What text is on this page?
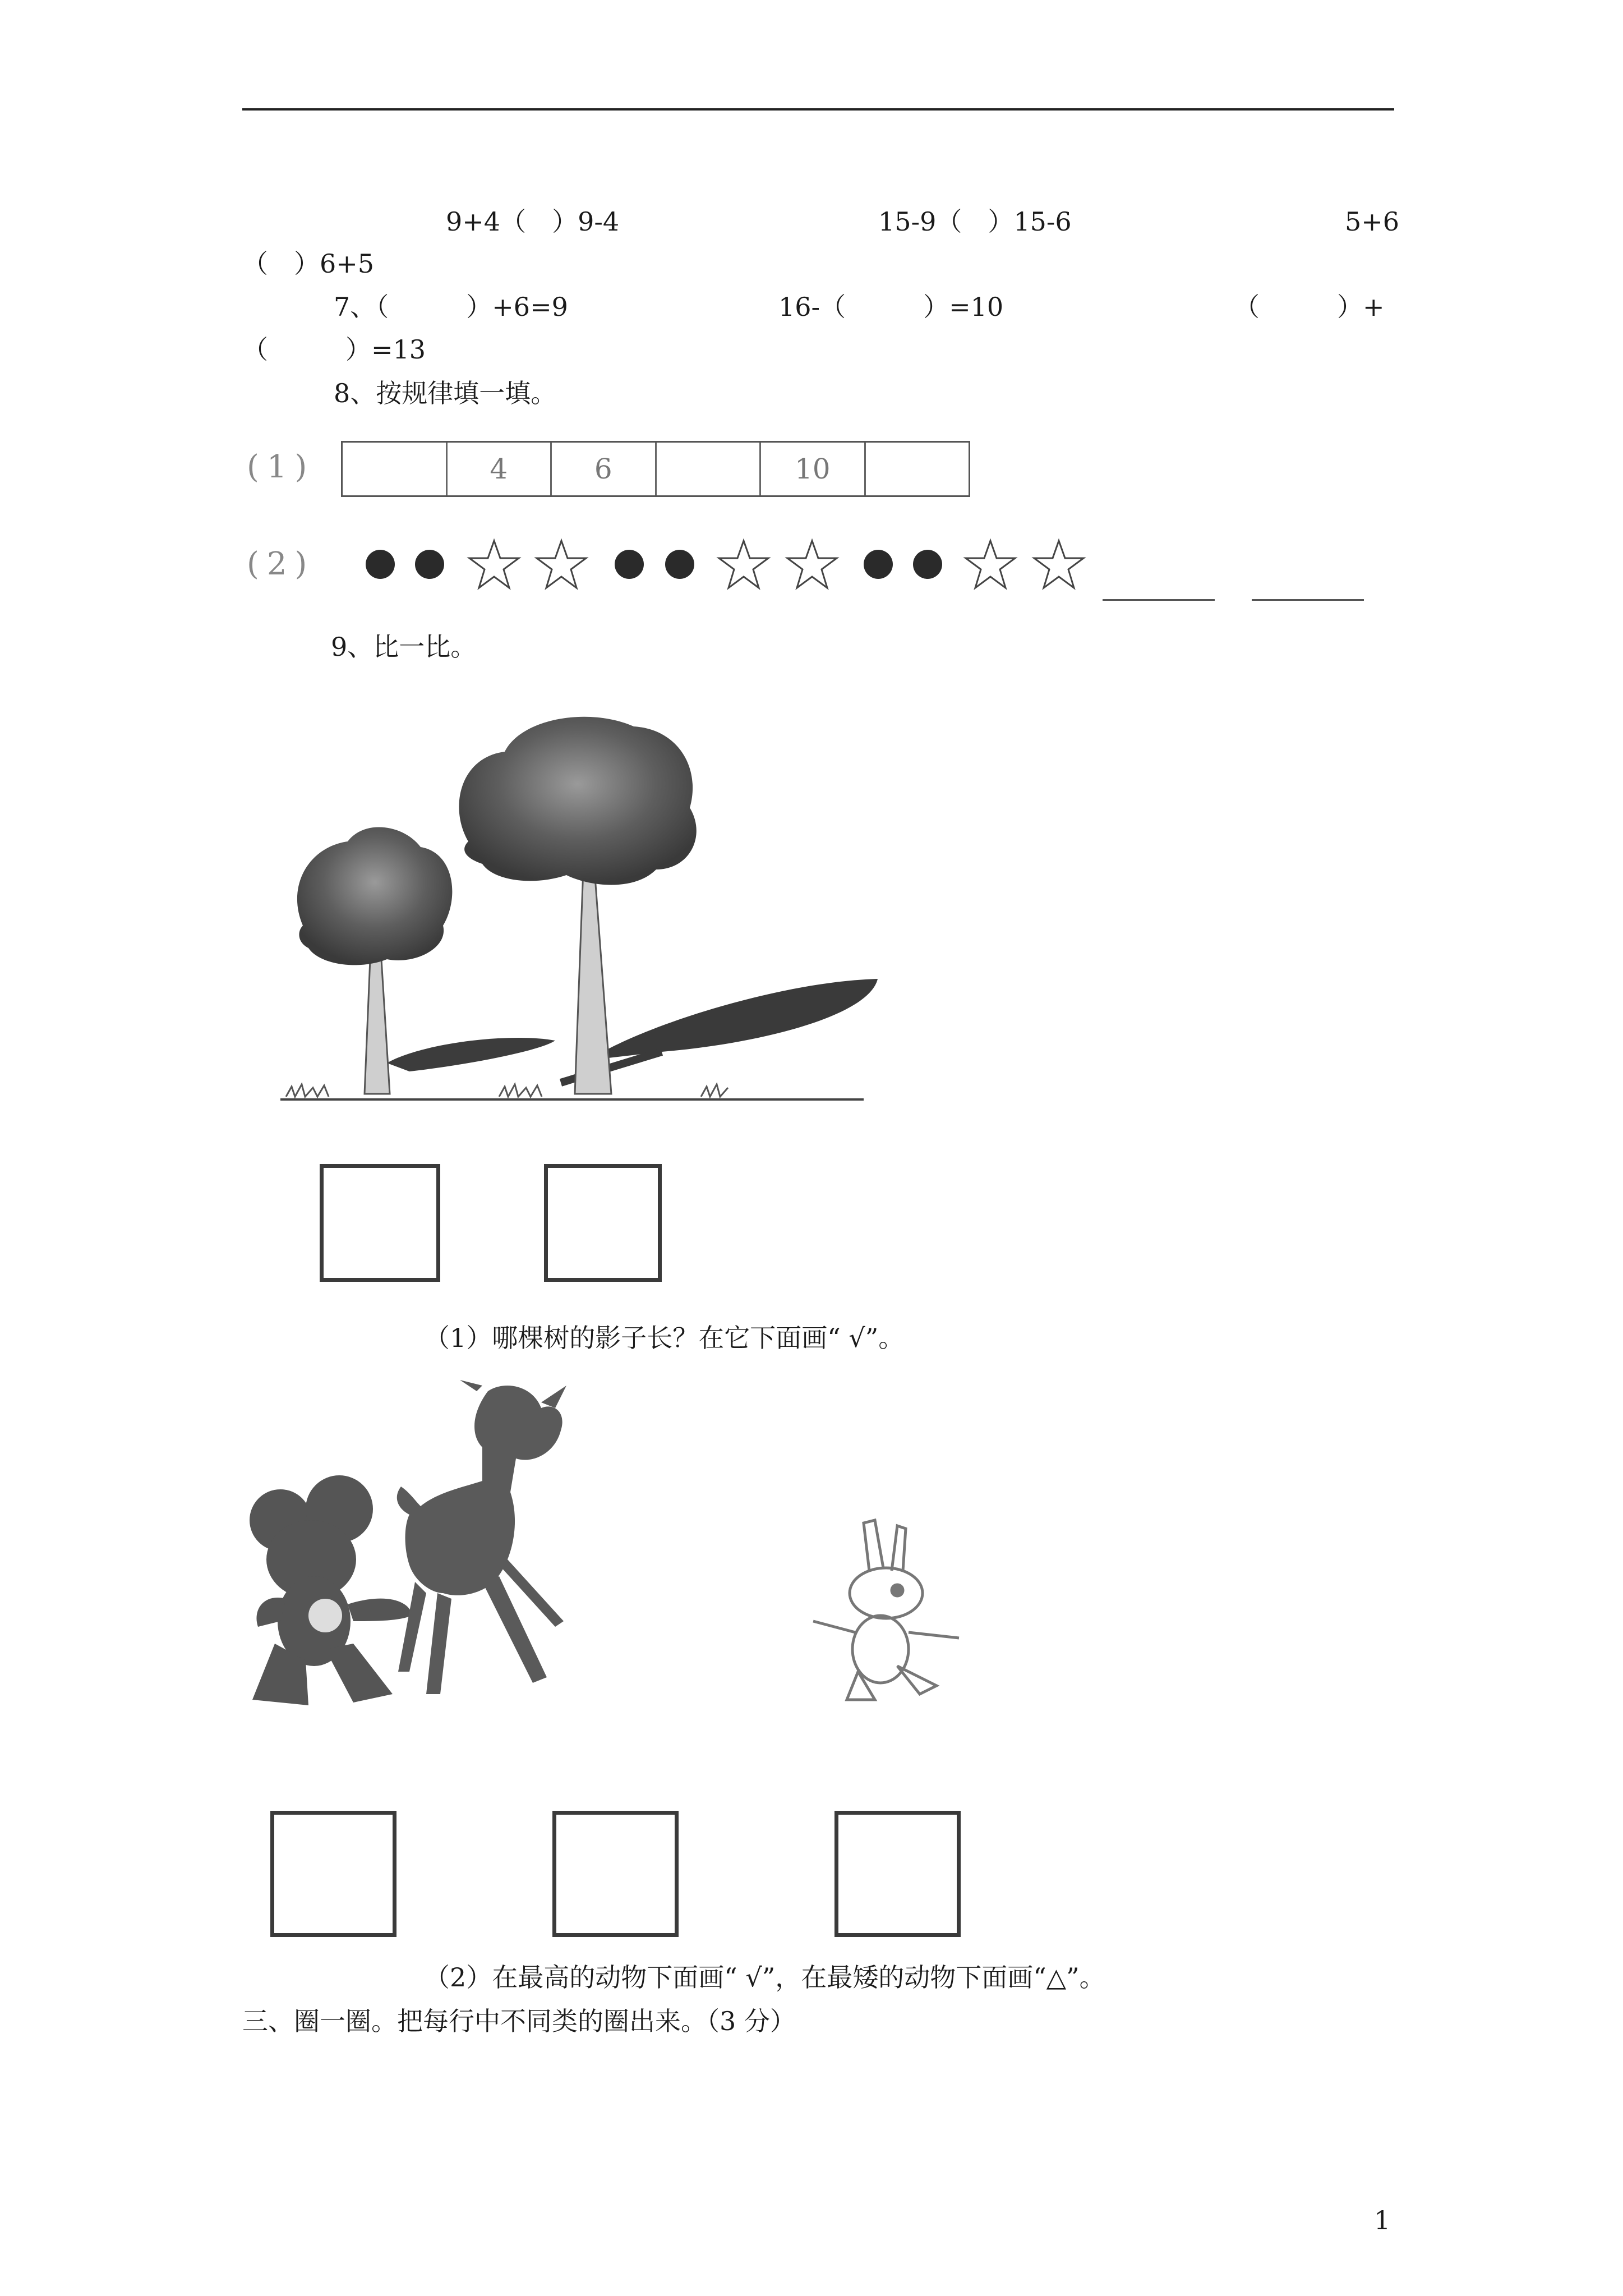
9+4（　）9-4	15-9（　）15-6	5+6
（　）6+5
7、（　　　）+6=9	16-（　　　）=10	（　　　）+
（　　　）=13
8、按规律填一填。
(1)	4	6	10
(2)
9、比一比。
（1）哪棵树的影子长？在它下面画“ √”。
（2）在最高的动物下面画“ √”，在最矮的动物下面画“△”。
三、圈一圈。把每行中不同类的圈出来。（3 分）
1
